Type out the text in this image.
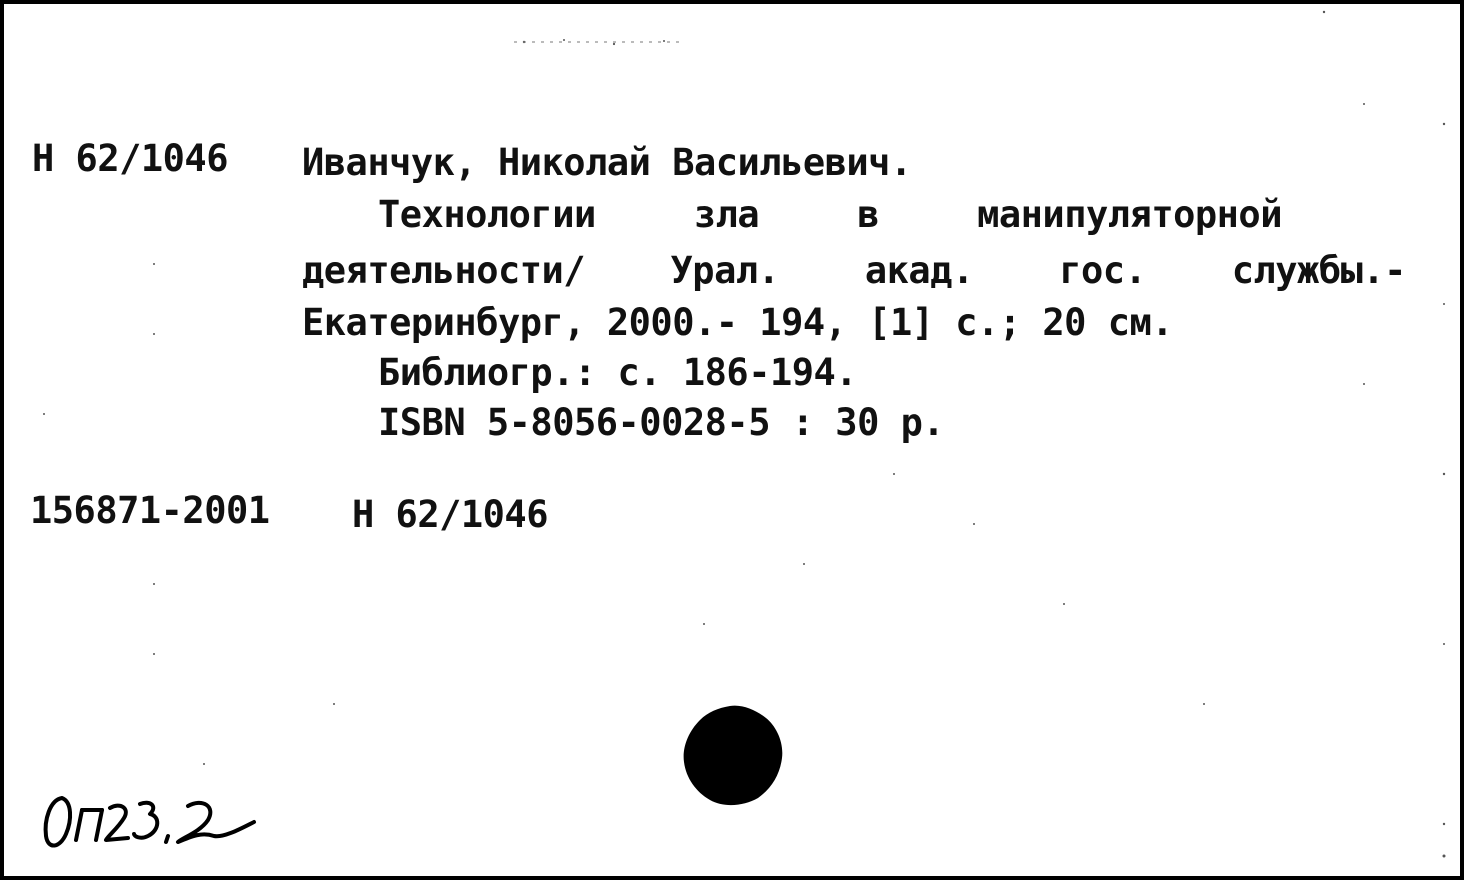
Н 62/1046 Иванчук, Николай Васильевич.
Технологии	зла	в	манипуляторной
деятельности/ Урал. акад. гос. службы.-
Екатеринбург, 2000.- 194, [1] с.; 20 см.
Библиогр.: с. 186-194.
ISBN 5-8056-0028-5 : 30 р.
156871-2001 Н 62/1046
